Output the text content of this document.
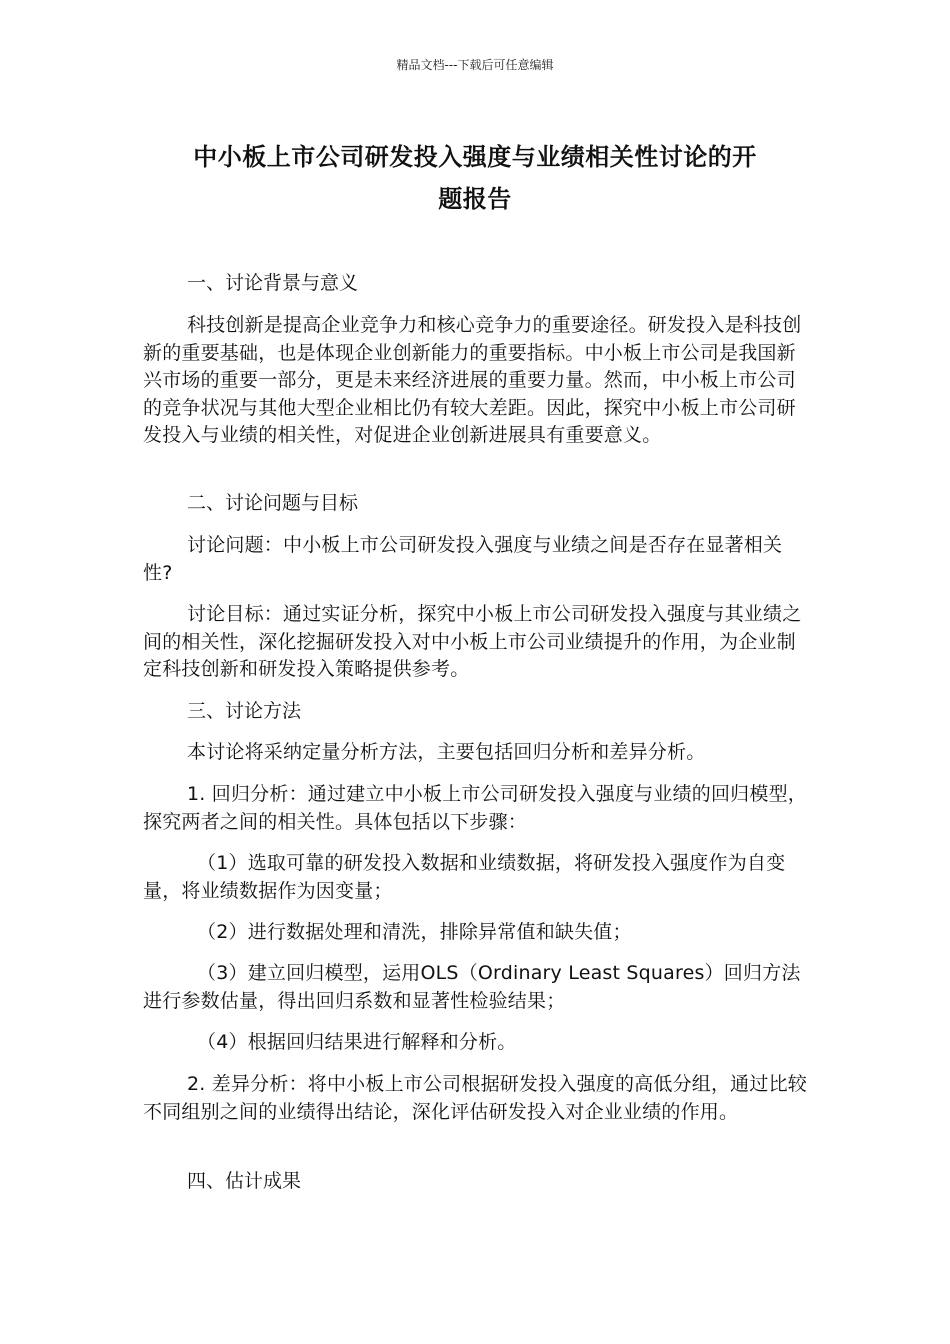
精品文档---下载后可任意编辑
中小板上市公司研发投入强度与业绩相关性讨论的开
题报告
一、讨论背景与意义
科技创新是提高企业竞争力和核心竞争力的重要途径。研发投入是科技创新的重要基础，也是体现企业创新能力的重要指标。中小板上市公司是我国新兴市场的重要一部分，更是未来经济进展的重要力量。然而，中小板上市公司的竞争状况与其他大型企业相比仍有较大差距。因此，探究中小板上市公司研发投入与业绩的相关性，对促进企业创新进展具有重要意义。
二、讨论问题与目标
讨论问题：中小板上市公司研发投入强度与业绩之间是否存在显著相关性?
讨论目标：通过实证分析，探究中小板上市公司研发投入强度与其业绩之间的相关性，深化挖掘研发投入对中小板上市公司业绩提升的作用，为企业制定科技创新和研发投入策略提供参考。
三、讨论方法
本讨论将采纳定量分析方法，主要包括回归分析和差异分析。
1. 回归分析：通过建立中小板上市公司研发投入强度与业绩的回归模型，探究两者之间的相关性。具体包括以下步骤：
（1）选取可靠的研发投入数据和业绩数据，将研发投入强度作为自变量，将业绩数据作为因变量；
（2）进行数据处理和清洗，排除异常值和缺失值；
（3）建立回归模型，运用OLS（Ordinary Least Squares）回归方法进行参数估量，得出回归系数和显著性检验结果；
（4）根据回归结果进行解释和分析。
2. 差异分析：将中小板上市公司根据研发投入强度的高低分组，通过比较不同组别之间的业绩得出结论，深化评估研发投入对企业业绩的作用。
四、估计成果
